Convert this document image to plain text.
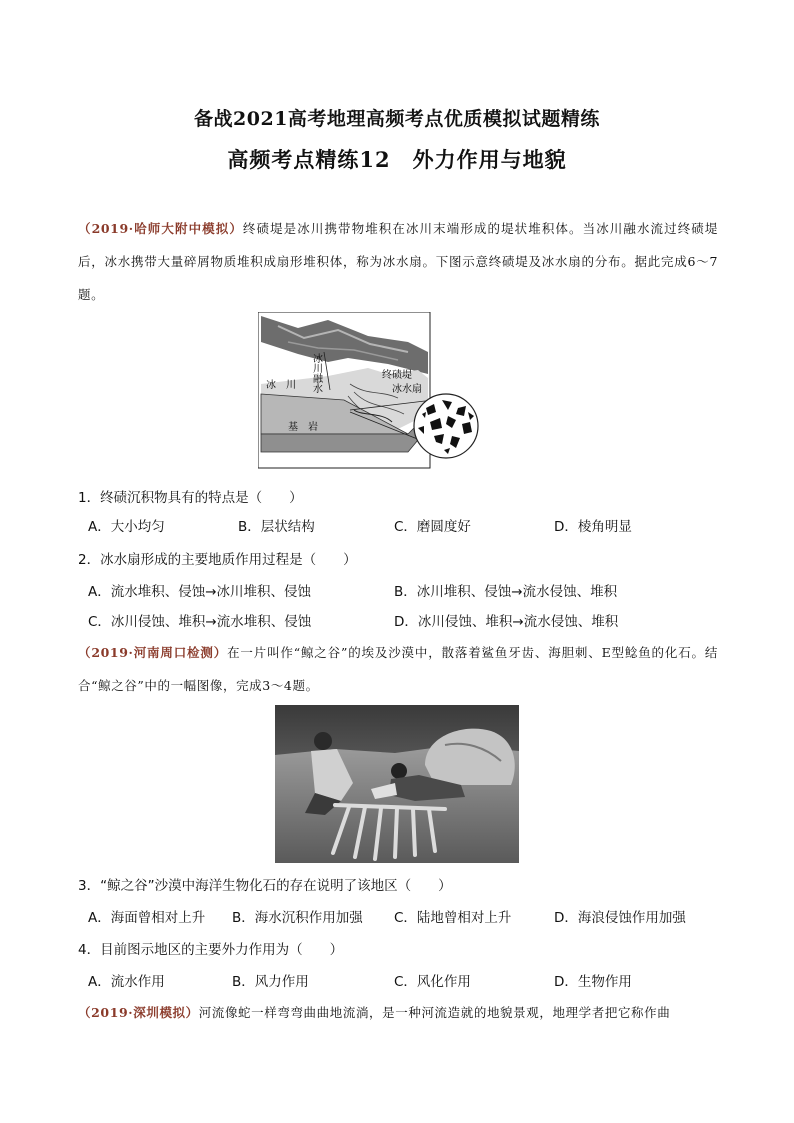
备战2021高考地理高频考点优质模拟试题精练
高频考点精练12　外力作用与地貌
（2019·哈师大附中模拟）终碛堤是冰川携带物堆积在冰川末端形成的堤状堆积体。当冰川融水流过终碛堤后，冰水携带大量碎屑物质堆积成扇形堆积体，称为冰水扇。下图示意终碛堤及冰水扇的分布。据此完成6～7题。
冰川融水	终碛堤
冰水扇
冰　川
基　岩
1．终碛沉积物具有的特点是（　　）
A．大小均匀	B．层状结构	C．磨圆度好	D．棱角明显
2．冰水扇形成的主要地质作用过程是（　　）
A．流水堆积、侵蚀→冰川堆积、侵蚀	B．冰川堆积、侵蚀→流水侵蚀、堆积
C．冰川侵蚀、堆积→流水堆积、侵蚀	D．冰川侵蚀、堆积→流水侵蚀、堆积
（2019·河南周口检测）在一片叫作“鲸之谷”的埃及沙漠中，散落着鲨鱼牙齿、海胆刺、E型鲶鱼的化石。结合“鲸之谷”中的一幅图像，完成3～4题。
3．“鲸之谷”沙漠中海洋生物化石的存在说明了该地区（　　）
A．海面曾相对上升 B．海水沉积作用加强 C．陆地曾相对上升	D．海浪侵蚀作用加强
4．目前图示地区的主要外力作用为（　　）
A．流水作用	B．风力作用	C．风化作用	D．生物作用
（2019·深圳模拟）河流像蛇一样弯弯曲曲地流淌，是一种河流造就的地貌景观，地理学者把它称作曲
